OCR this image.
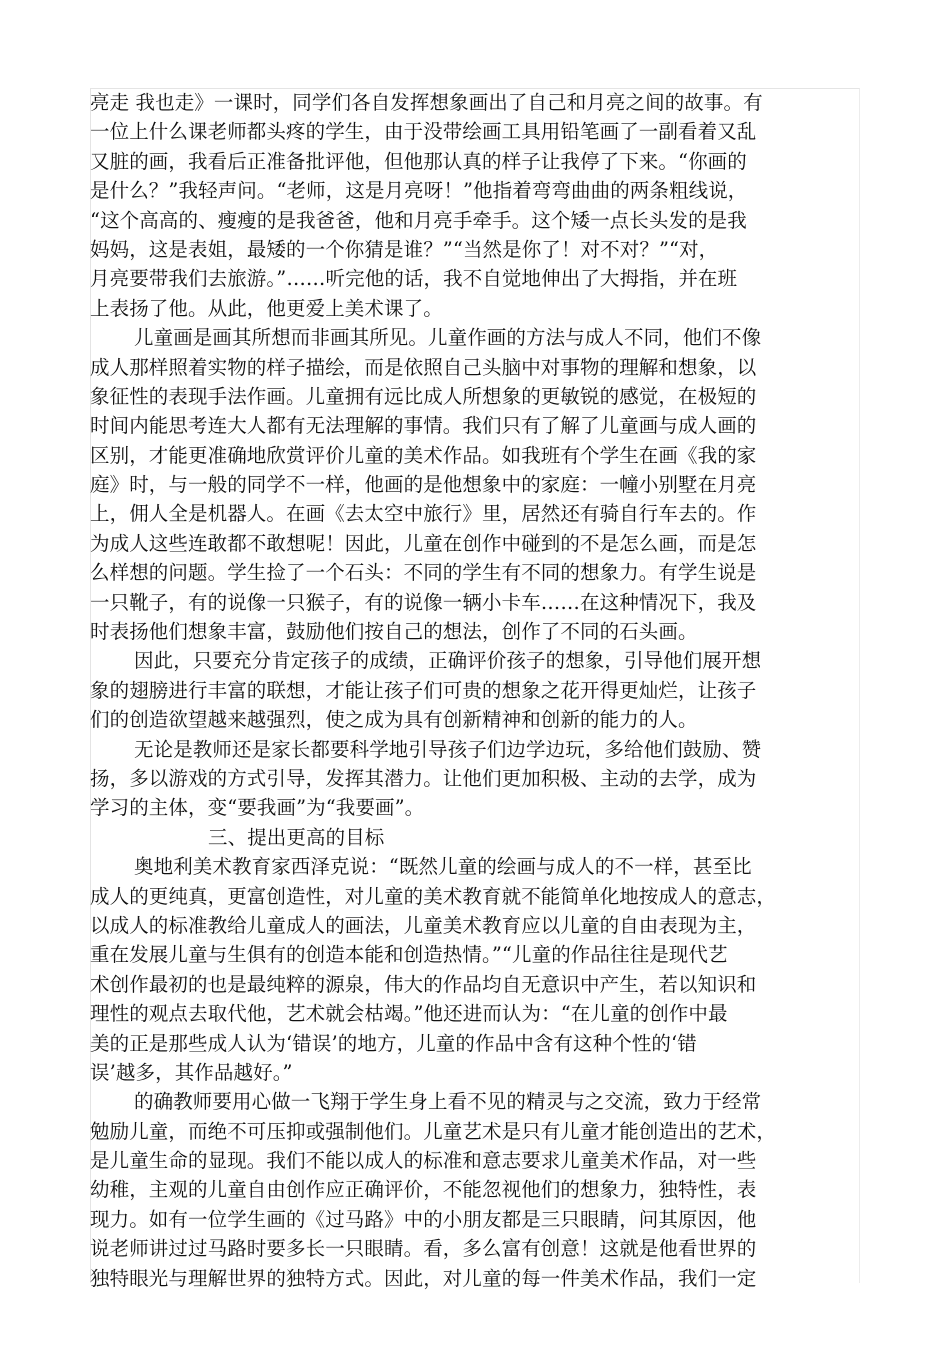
亮走 我也走》一课时，同学们各自发挥想象画出了自己和月亮之间的故事。有
一位上什么课老师都头疼的学生，由于没带绘画工具用铅笔画了一副看着又乱
又脏的画，我看后正准备批评他，但他那认真的样子让我停了下来。“你画的
是什么？”我轻声问。“老师，这是月亮呀！”他指着弯弯曲曲的两条粗线说，
“这个高高的、瘦瘦的是我爸爸，他和月亮手牵手。这个矮一点长头发的是我
妈妈，这是表姐，最矮的一个你猜是谁？”“当然是你了！对不对？”“对，
月亮要带我们去旅游。”……听完他的话，我不自觉地伸出了大拇指，并在班
上表扬了他。从此，他更爱上美术课了。
儿童画是画其所想而非画其所见。儿童作画的方法与成人不同，他们不像
成人那样照着实物的样子描绘，而是依照自己头脑中对事物的理解和想象，以
象征性的表现手法作画。儿童拥有远比成人所想象的更敏锐的感觉，在极短的
时间内能思考连大人都有无法理解的事情。我们只有了解了儿童画与成人画的
区别，才能更准确地欣赏评价儿童的美术作品。如我班有个学生在画《我的家
庭》时，与一般的同学不一样，他画的是他想象中的家庭：一幢小别墅在月亮
上，佣人全是机器人。在画《去太空中旅行》里，居然还有骑自行车去的。作
为成人这些连敢都不敢想呢！因此，儿童在创作中碰到的不是怎么画，而是怎
么样想的问题。学生捡了一个石头：不同的学生有不同的想象力。有学生说是
一只靴子，有的说像一只猴子，有的说像一辆小卡车……在这种情况下，我及
时表扬他们想象丰富，鼓励他们按自己的想法，创作了不同的石头画。
因此，只要充分肯定孩子的成绩，正确评价孩子的想象，引导他们展开想
象的翅膀进行丰富的联想，才能让孩子们可贵的想象之花开得更灿烂，让孩子
们的创造欲望越来越强烈，使之成为具有创新精神和创新的能力的人。
无论是教师还是家长都要科学地引导孩子们边学边玩，多给他们鼓励、赞
扬，多以游戏的方式引导，发挥其潜力。让他们更加积极、主动的去学，成为
学习的主体，变“要我画”为“我要画”。
三、提出更高的目标
奥地利美术教育家西泽克说：“既然儿童的绘画与成人的不一样，甚至比
成人的更纯真，更富创造性，对儿童的美术教育就不能简单化地按成人的意志，
以成人的标准教给儿童成人的画法，儿童美术教育应以儿童的自由表现为主，
重在发展儿童与生俱有的创造本能和创造热情。”“儿童的作品往往是现代艺
术创作最初的也是最纯粹的源泉，伟大的作品均自无意识中产生，若以知识和
理性的观点去取代他，艺术就会枯竭。”他还进而认为：“在儿童的创作中最
美的正是那些成人认为‘错误’的地方，儿童的作品中含有这种个性的‘错
误’越多，其作品越好。”
的确教师要用心做一飞翔于学生身上看不见的精灵与之交流，致力于经常
勉励儿童，而绝不可压抑或强制他们。儿童艺术是只有儿童才能创造出的艺术，
是儿童生命的显现。我们不能以成人的标准和意志要求儿童美术作品，对一些
幼稚，主观的儿童自由创作应正确评价，不能忽视他们的想象力，独特性，表
现力。如有一位学生画的《过马路》中的小朋友都是三只眼睛，问其原因，他
说老师讲过过马路时要多长一只眼睛。看，多么富有创意！这就是他看世界的
独特眼光与理解世界的独特方式。因此，对儿童的每一件美术作品，我们一定
